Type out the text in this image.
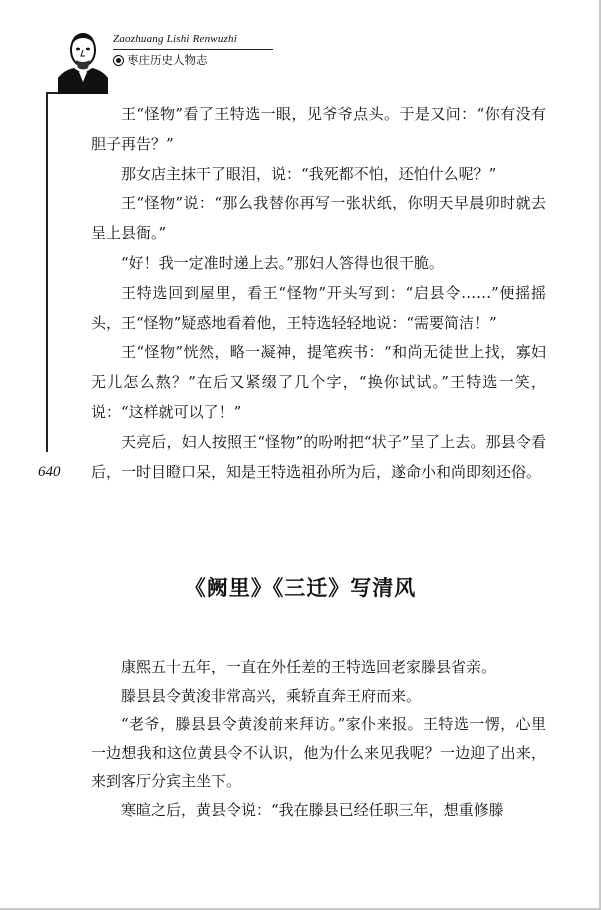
Zaozhuang Lishi Renwuzhi
枣庄历史人物志
640

王“怪物”看了王特选一眼，见爷爷点头。于是又问：“你有没有胆子再告？”

那女店主抹干了眼泪，说：“我死都不怕，还怕什么呢？”

王“怪物”说：“那么我替你再写一张状纸，你明天早晨卯时就去呈上县衙。”

“好！我一定准时递上去。”那妇人答得也很干脆。

王特选回到屋里，看王“怪物”开头写到：“启县令……”便摇摇头，王“怪物”疑惑地看着他，王特选轻轻地说：“需要简洁！”

王“怪物”恍然，略一凝神，提笔疾书：“和尚无徒世上找，寡妇无儿怎么熬？”在后又紧缀了几个字，“换你试试。”王特选一笑，说：“这样就可以了！”

天亮后，妇人按照王“怪物”的吩咐把“状子”呈了上去。那县令看后，一时目瞪口呆，知是王特选祖孙所为后，遂命小和尚即刻还俗。

《阙里》《三迁》写清风

康熙五十五年，一直在外任差的王特选回老家滕县省亲。

滕县县令黄浚非常高兴，乘轿直奔王府而来。

“老爷，滕县县令黄浚前来拜访。”家仆来报。王特选一愣，心里一边想我和这位黄县令不认识，他为什么来见我呢？一边迎了出来，来到客厅分宾主坐下。

寒暄之后，黄县令说：“我在滕县已经任职三年，想重修滕
